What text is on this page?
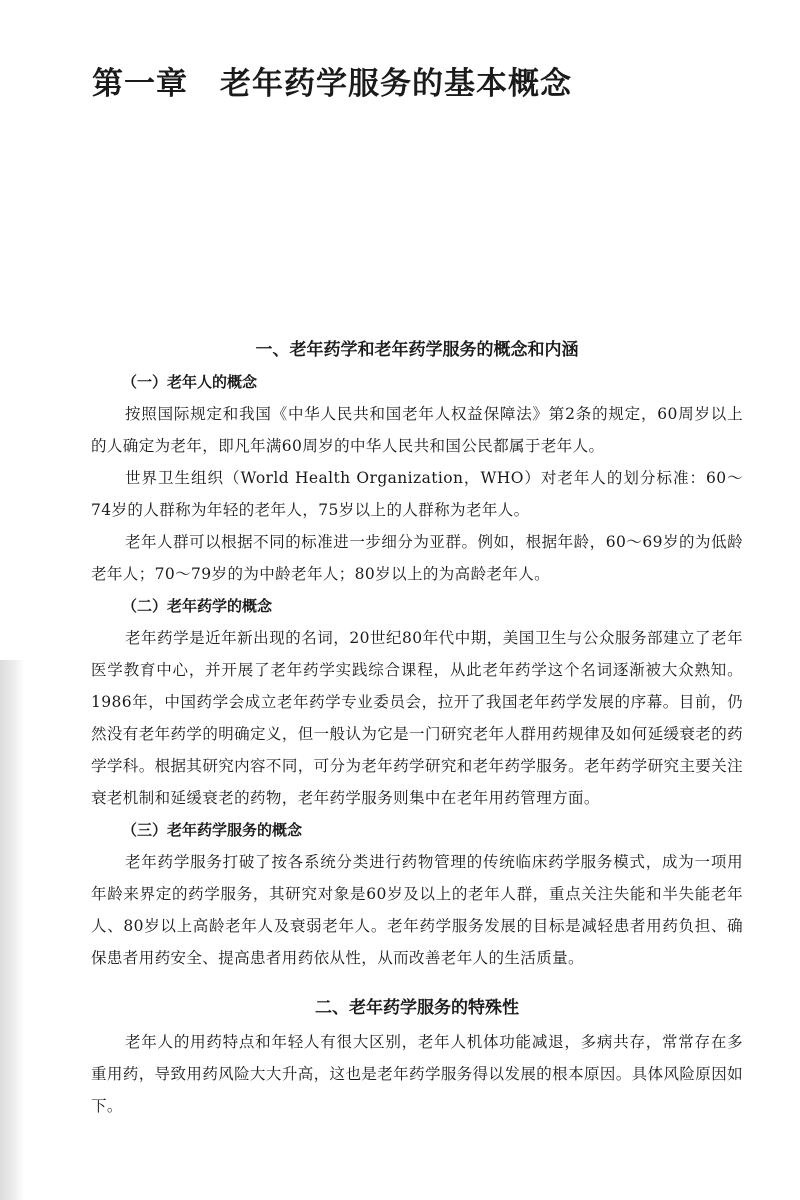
第一章　老年药学服务的基本概念
一、老年药学和老年药学服务的概念和内涵
（一）老年人的概念

按照国际规定和我国《中华人民共和国老年人权益保障法》第2条的规定，60周岁以上的人确定为老年，即凡年满60周岁的中华人民共和国公民都属于老年人。

世界卫生组织（World Health Organization，WHO）对老年人的划分标准：60～74岁的人群称为年轻的老年人，75岁以上的人群称为老年人。

老年人群可以根据不同的标准进一步细分为亚群。例如，根据年龄，60～69岁的为低龄老年人；70～79岁的为中龄老年人；80岁以上的为高龄老年人。

（二）老年药学的概念

老年药学是近年新出现的名词，20世纪80年代中期，美国卫生与公众服务部建立了老年医学教育中心，并开展了老年药学实践综合课程，从此老年药学这个名词逐渐被大众熟知。1986年，中国药学会成立老年药学专业委员会，拉开了我国老年药学发展的序幕。目前，仍然没有老年药学的明确定义，但一般认为它是一门研究老年人群用药规律及如何延缓衰老的药学学科。根据其研究内容不同，可分为老年药学研究和老年药学服务。老年药学研究主要关注衰老机制和延缓衰老的药物，老年药学服务则集中在老年用药管理方面。

（三）老年药学服务的概念

老年药学服务打破了按各系统分类进行药物管理的传统临床药学服务模式，成为一项用年龄来界定的药学服务，其研究对象是60岁及以上的老年人群，重点关注失能和半失能老年人、80岁以上高龄老年人及衰弱老年人。老年药学服务发展的目标是减轻患者用药负担、确保患者用药安全、提高患者用药依从性，从而改善老年人的生活质量。

二、老年药学服务的特殊性

老年人的用药特点和年轻人有很大区别，老年人机体功能减退，多病共存，常常存在多重用药，导致用药风险大大升高，这也是老年药学服务得以发展的根本原因。具体风险原因如下。
